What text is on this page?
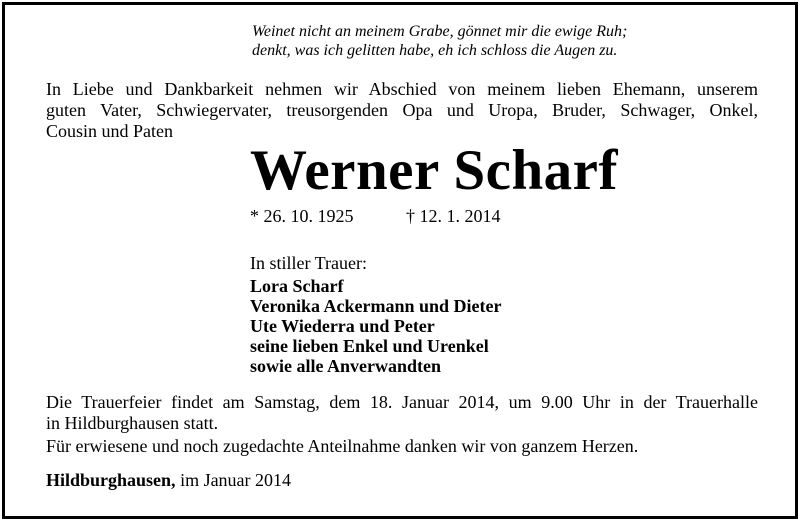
Weinet nicht an meinem Grabe, gönnet mir die ewige Ruh;
denkt, was ich gelitten habe, eh ich schloss die Augen zu.
In Liebe und Dankbarkeit nehmen wir Abschied von meinem lieben Ehemann, unserem
guten Vater, Schwiegervater, treusorgenden Opa und Uropa, Bruder, Schwager, Onkel,
Cousin und Paten
Werner Scharf
* 26. 10. 1925	† 12. 1. 2014
In stiller Trauer:
Lora Scharf
Veronika Ackermann und Dieter
Ute Wiederra und Peter
seine lieben Enkel und Urenkel
sowie alle Anverwandten
Die Trauerfeier findet am Samstag, dem 18. Januar 2014, um 9.00 Uhr in der Trauerhalle
in Hildburghausen statt.
Für erwiesene und noch zugedachte Anteilnahme danken wir von ganzem Herzen.
Hildburghausen, im Januar 2014
